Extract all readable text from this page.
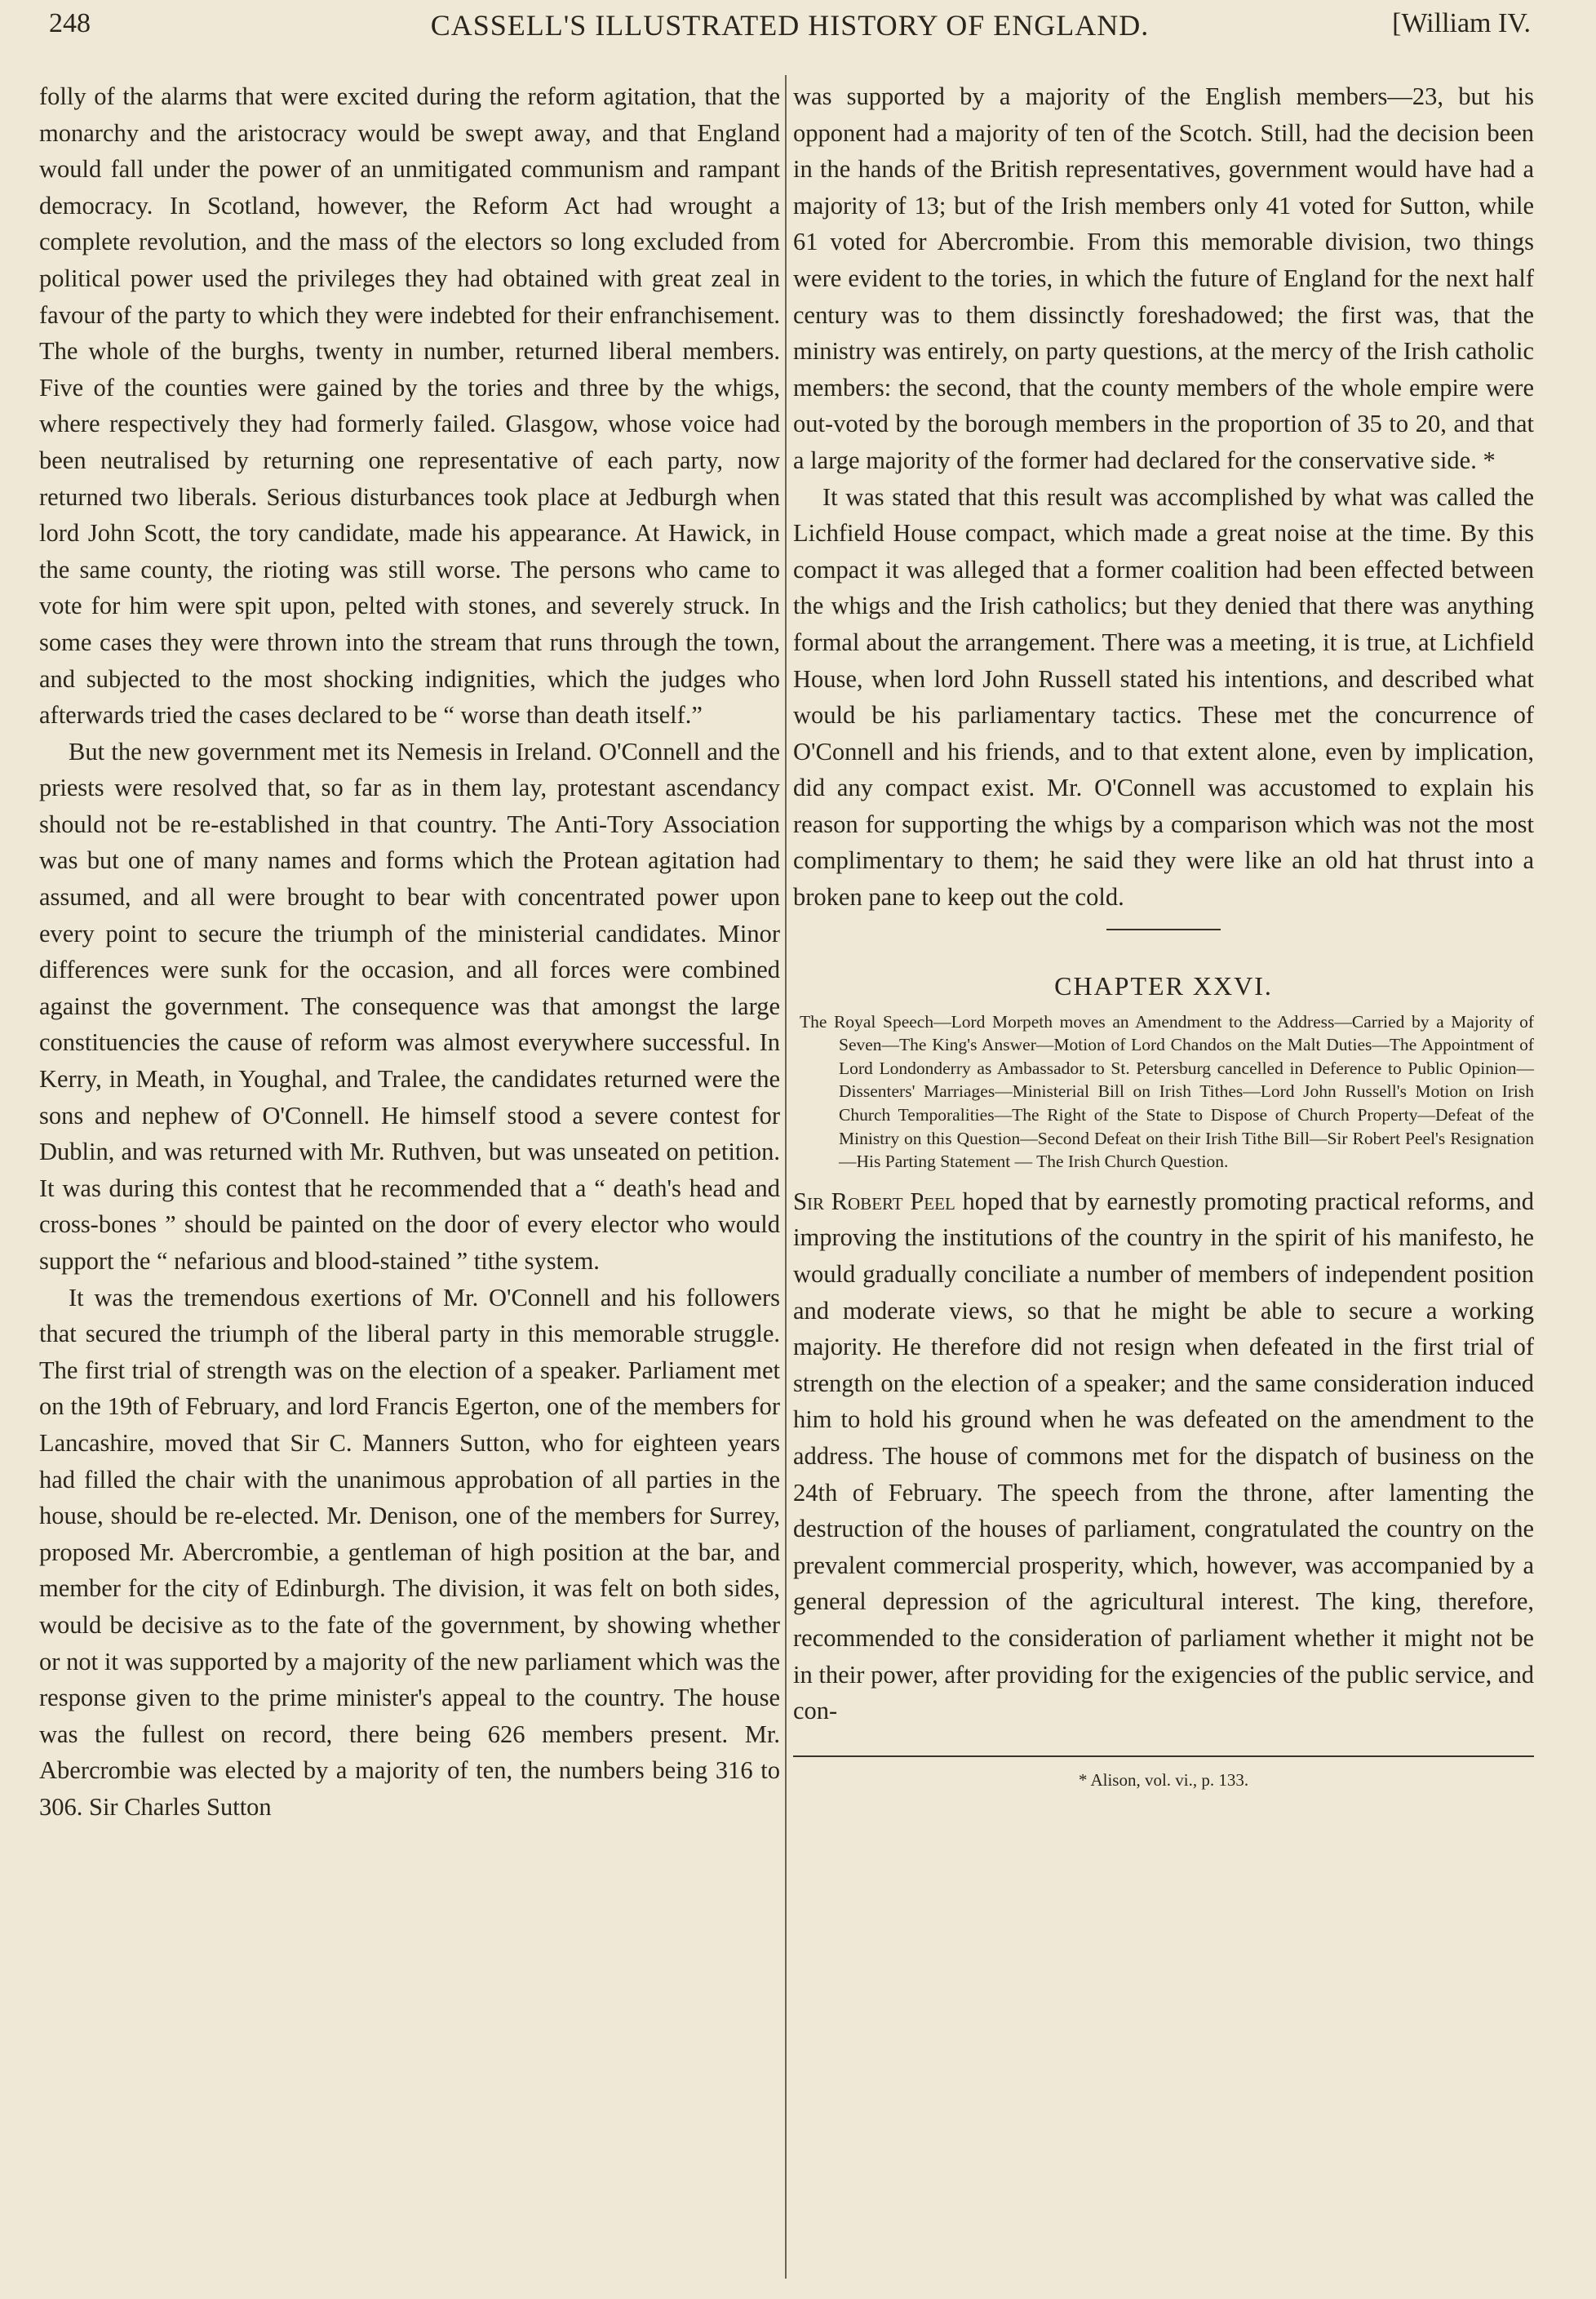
248	CASSELL'S ILLUSTRATED HISTORY OF ENGLAND.	[William IV.

folly of the alarms that were excited during the reform agitation, that the monarchy and the aristocracy would be swept away, and that England would fall under the power of an unmitigated communism and rampant democracy. In Scotland, however, the Reform Act had wrought a complete revolution, and the mass of the electors so long excluded from political power used the privileges they had obtained with great zeal in favour of the party to which they were indebted for their enfranchisement. The whole of the burghs, twenty in number, returned liberal members. Five of the counties were gained by the tories and three by the whigs, where respectively they had formerly failed. Glasgow, whose voice had been neutralised by returning one representative of each party, now returned two liberals. Serious disturbances took place at Jedburgh when lord John Scott, the tory candidate, made his appearance. At Hawick, in the same county, the rioting was still worse. The persons who came to vote for him were spit upon, pelted with stones, and severely struck. In some cases they were thrown into the stream that runs through the town, and subjected to the most shocking indignities, which the judges who afterwards tried the cases declared to be “ worse than death itself.”

But the new government met its Nemesis in Ireland. O'Connell and the priests were resolved that, so far as in them lay, protestant ascendancy should not be re-established in that country. The Anti-Tory Association was but one of many names and forms which the Protean agitation had assumed, and all were brought to bear with concentrated power upon every point to secure the triumph of the ministerial candidates. Minor differences were sunk for the occasion, and all forces were combined against the government. The consequence was that amongst the large constituencies the cause of reform was almost everywhere successful. In Kerry, in Meath, in Youghal, and Tralee, the candidates returned were the sons and nephew of O'Connell. He himself stood a severe contest for Dublin, and was returned with Mr. Ruthven, but was unseated on petition. It was during this contest that he recommended that a “ death's head and cross-bones ” should be painted on the door of every elector who would support the “ nefarious and blood-stained ” tithe system.

It was the tremendous exertions of Mr. O'Connell and his followers that secured the triumph of the liberal party in this memorable struggle. The first trial of strength was on the election of a speaker. Parliament met on the 19th of February, and lord Francis Egerton, one of the members for Lancashire, moved that Sir C. Manners Sutton, who for eighteen years had filled the chair with the unanimous approbation of all parties in the house, should be re-elected. Mr. Denison, one of the members for Surrey, proposed Mr. Abercrombie, a gentleman of high position at the bar, and member for the city of Edinburgh. The division, it was felt on both sides, would be decisive as to the fate of the government, by showing whether or not it was supported by a majority of the new parliament which was the response given to the prime minister's appeal to the country. The house was the fullest on record, there being 626 members present. Mr. Abercrombie was elected by a majority of ten, the numbers being 316 to 306. Sir Charles Sutton

was supported by a majority of the English members—23, but his opponent had a majority of ten of the Scotch. Still, had the decision been in the hands of the British representatives, government would have had a majority of 13; but of the Irish members only 41 voted for Sutton, while 61 voted for Abercrombie. From this memorable division, two things were evident to the tories, in which the future of England for the next half century was to them dissinctly foreshadowed; the first was, that the ministry was entirely, on party questions, at the mercy of the Irish catholic members: the second, that the county members of the whole empire were out-voted by the borough members in the proportion of 35 to 20, and that a large majority of the former had declared for the conservative side. *

It was stated that this result was accomplished by what was called the Lichfield House compact, which made a great noise at the time. By this compact it was alleged that a former coalition had been effected between the whigs and the Irish catholics; but they denied that there was anything formal about the arrangement. There was a meeting, it is true, at Lichfield House, when lord John Russell stated his intentions, and described what would be his parliamentary tactics. These met the concurrence of O'Connell and his friends, and to that extent alone, even by implication, did any compact exist. Mr. O'Connell was accustomed to explain his reason for supporting the whigs by a comparison which was not the most complimentary to them; he said they were like an old hat thrust into a broken pane to keep out the cold.

CHAPTER XXVI.
The Royal Speech—Lord Morpeth moves an Amendment to the Address—Carried by a Majority of Seven—The King's Answer—Motion of Lord Chandos on the Malt Duties—The Appointment of Lord Londonderry as Ambassador to St. Petersburg cancelled in Deference to Public Opinion—Dissenters' Marriages—Ministerial Bill on Irish Tithes—Lord John Russell's Motion on Irish Church Temporalities—The Right of the State to Dispose of Church Property—Defeat of the Ministry on this Question—Second Defeat on their Irish Tithe Bill—Sir Robert Peel's Resignation—His Parting Statement — The Irish Church Question.

Sir Robert Peel hoped that by earnestly promoting practical reforms, and improving the institutions of the country in the spirit of his manifesto, he would gradually conciliate a number of members of independent position and moderate views, so that he might be able to secure a working majority. He therefore did not resign when defeated in the first trial of strength on the election of a speaker; and the same consideration induced him to hold his ground when he was defeated on the amendment to the address. The house of commons met for the dispatch of business on the 24th of February. The speech from the throne, after lamenting the destruction of the houses of parliament, congratulated the country on the prevalent commercial prosperity, which, however, was accompanied by a general depression of the agricultural interest. The king, therefore, recommended to the consideration of parliament whether it might not be in their power, after providing for the exigencies of the public service, and con-

* Alison, vol. vi., p. 133.
